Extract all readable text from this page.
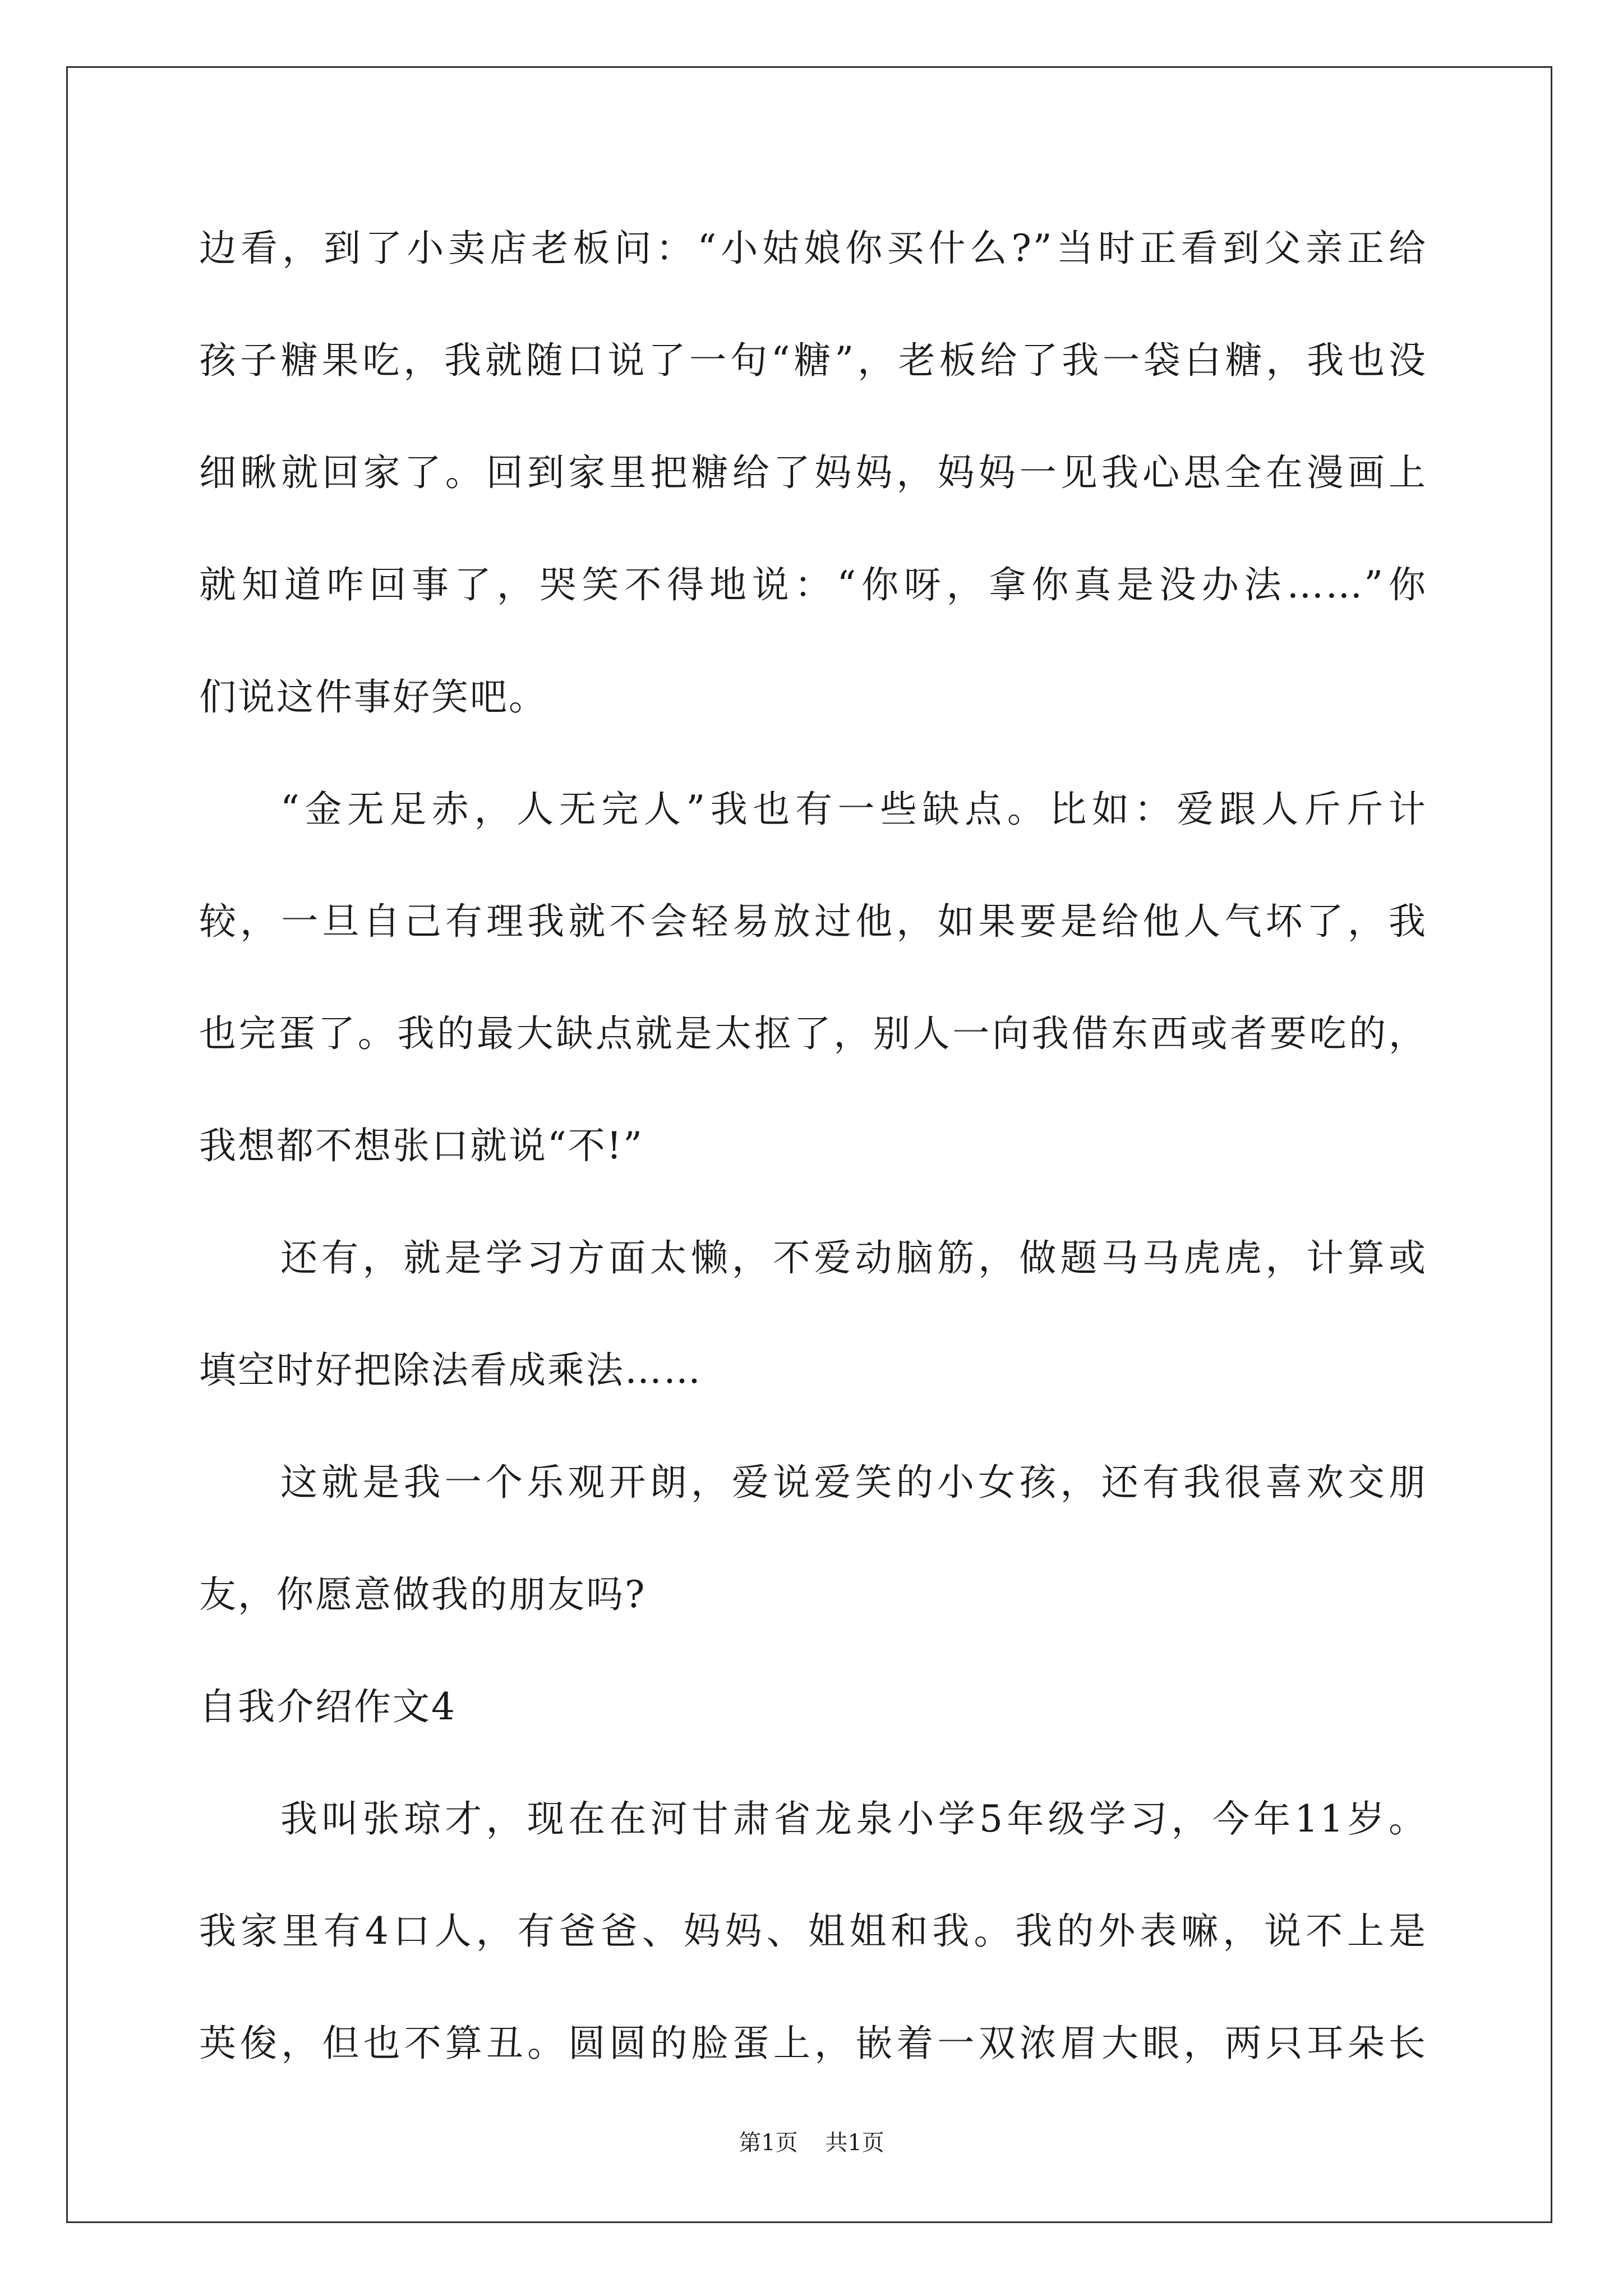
边看，到了小卖店老板问：“小姑娘你买什么?”当时正看到父亲正给
孩子糖果吃，我就随口说了一句“糖”，老板给了我一袋白糖，我也没
细瞅就回家了。回到家里把糖给了妈妈，妈妈一见我心思全在漫画上
就知道咋回事了，哭笑不得地说：“你呀，拿你真是没办法……”你
们说这件事好笑吧。
“金无足赤，人无完人”我也有一些缺点。比如：爱跟人斤斤计
较，一旦自己有理我就不会轻易放过他，如果要是给他人气坏了，我
也完蛋了。我的最大缺点就是太抠了，别人一向我借东西或者要吃的，
我想都不想张口就说“不!”
还有，就是学习方面太懒，不爱动脑筋，做题马马虎虎，计算或
填空时好把除法看成乘法……
这就是我一个乐观开朗，爱说爱笑的小女孩，还有我很喜欢交朋
友，你愿意做我的朋友吗?
自我介绍作文4
我叫张琼才，现在在河甘肃省龙泉小学5年级学习，今年11岁。
我家里有4口人，有爸爸、妈妈、姐姐和我。我的外表嘛，说不上是
英俊，但也不算丑。圆圆的脸蛋上，嵌着一双浓眉大眼，两只耳朵长
第1页 共1页
